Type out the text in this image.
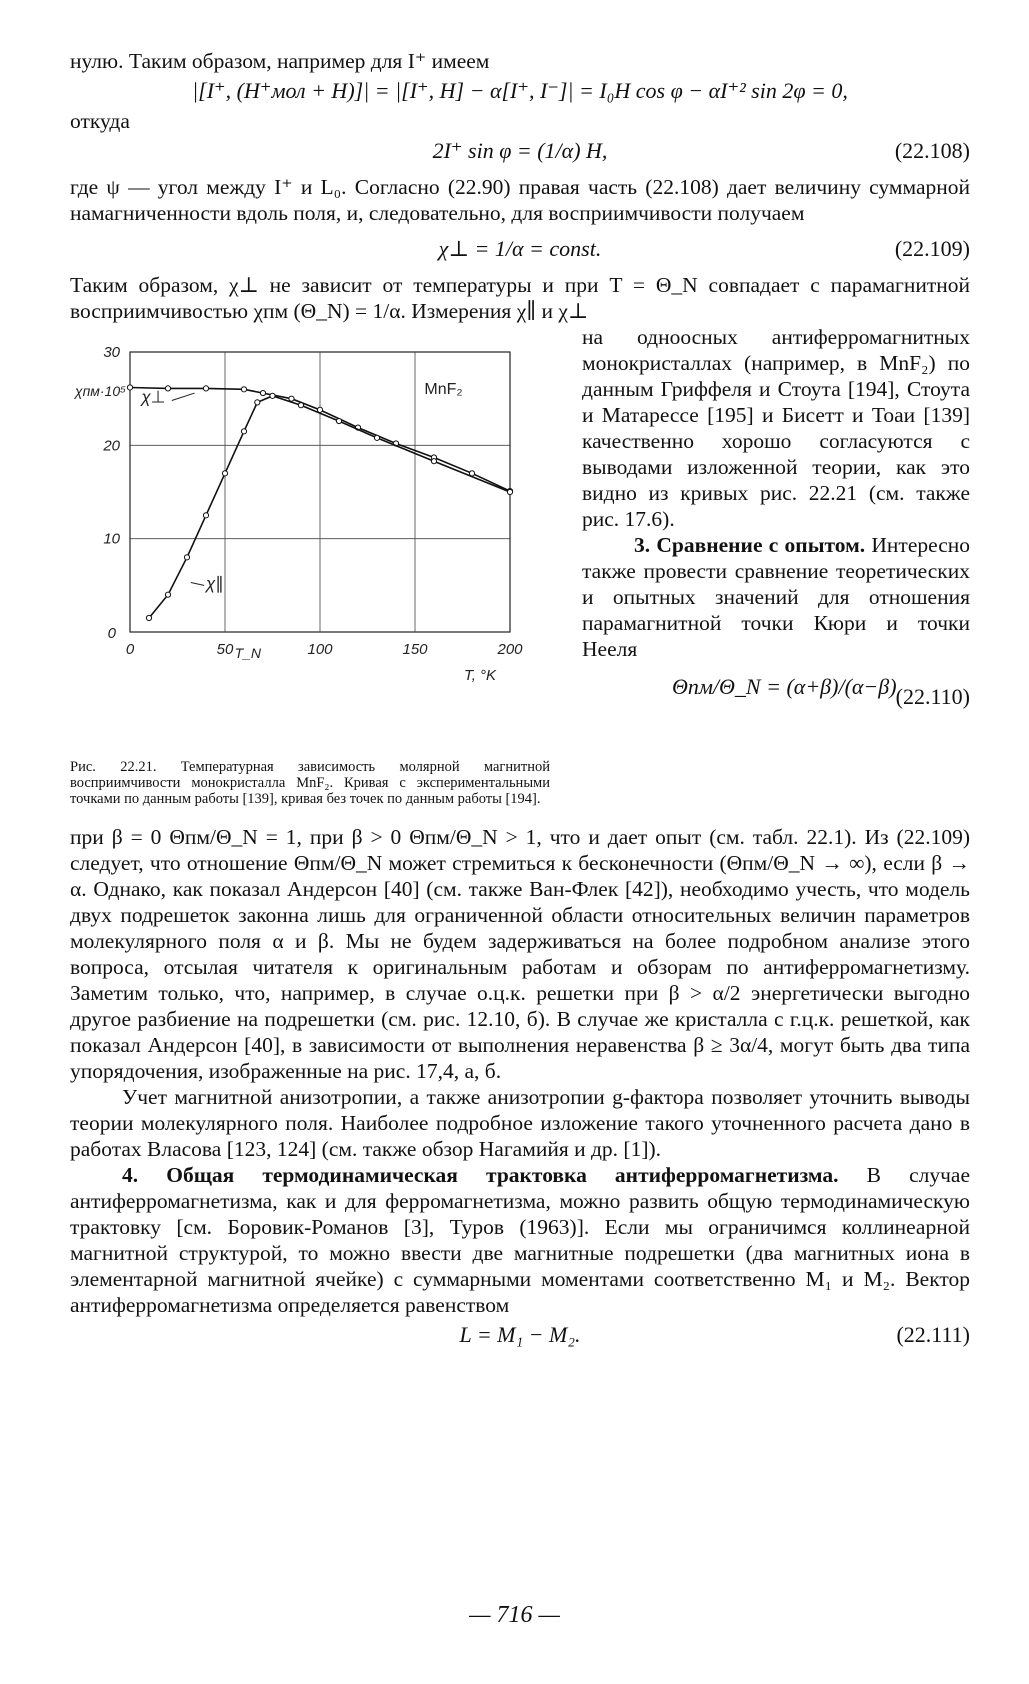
нулю. Таким образом, например для I⁺ имеем

|[I⁺, (H⁺мол + H)]| = |[I⁺, H] − α[I⁺, I⁻]| = I₀H cos φ − αI⁺² sin 2φ = 0,

откуда

2I⁺ sin φ = (1/α) H,	(22.108)

где ψ — угол между I⁺ и L₀. Согласно (22.90) правая часть (22.108) дает величину суммарной намагниченности вдоль поля, и, следовательно, для восприимчивости получаем

χ⊥ = 1/α = const.	(22.109)

Таким образом, χ⊥ не зависит от температуры и при T = Θ_N совпадает с парамагнитной восприимчивостью χпм (Θ_N) = 1/α. Измерения χ∥ и χ⊥

0	50	100	150	200
10
20
30
0
χпм·10⁵
T, °K
T_N
MnF₂
χ⊥
χ∥

Рис. 22.21. Температурная зависимость молярной магнитной восприимчивости монокристалла MnF₂. Кривая с экспериментальными точками по данным работы [139], кривая без точек по данным работы [194].

на одноосных антиферромагнитных монокристаллах (например, в MnF₂) по данным Гриффеля и Стоута [194], Стоута и Матарессе [195] и Бисетт и Тоаи [139] качественно хорошо согласуются с выводами изложенной теории, как это видно из кривых рис. 22.21 (см. также рис. 17.6).

3. Сравнение с опытом. Интересно также провести сравнение теоретических и опытных значений для отношения парамагнитной точки Кюри и точки Нееля

Θпм/Θ_N = (α+β)/(α−β) (22.110)

при β = 0 Θпм/Θ_N = 1, при β > 0 Θпм/Θ_N > 1, что и дает опыт (см. табл. 22.1). Из (22.109) следует, что отношение Θпм/Θ_N может стремиться к бесконечности (Θпм/Θ_N → ∞), если β → α. Однако, как показал Андерсон [40] (см. также Ван-Флек [42]), необходимо учесть, что модель двух подрешеток законна лишь для ограниченной области относительных величин параметров молекулярного поля α и β. Мы не будем задерживаться на более подробном анализе этого вопроса, отсылая читателя к оригинальным работам и обзорам по антиферромагнетизму. Заметим только, что, например, в случае о.ц.к. решетки при β > α/2 энергетически выгодно другое разбиение на подрешетки (см. рис. 12.10, б). В случае же кристалла с г.ц.к. решеткой, как показал Андерсон [40], в зависимости от выполнения неравенства β ≥ 3α/4, могут быть два типа упорядочения, изображенные на рис. 17,4, а, б.

Учет магнитной анизотропии, а также анизотропии g-фактора позволяет уточнить выводы теории молекулярного поля. Наиболее подробное изложение такого уточненного расчета дано в работах Власова [123, 124] (см. также обзор Нагамийя и др. [1]).

4. Общая термодинамическая трактовка антиферромагнетизма. В случае антиферромагнетизма, как и для ферромагнетизма, можно развить общую термодинамическую трактовку [см. Боровик-Романов [3], Туров (1963)]. Если мы ограничимся коллинеарной магнитной структурой, то можно ввести две магнитные подрешетки (два магнитных иона в элементарной магнитной ячейке) с суммарными моментами соответственно M₁ и M₂. Вектор антиферромагнетизма определяется равенством

L = M₁ − M₂.	(22.111)
— 716 —
